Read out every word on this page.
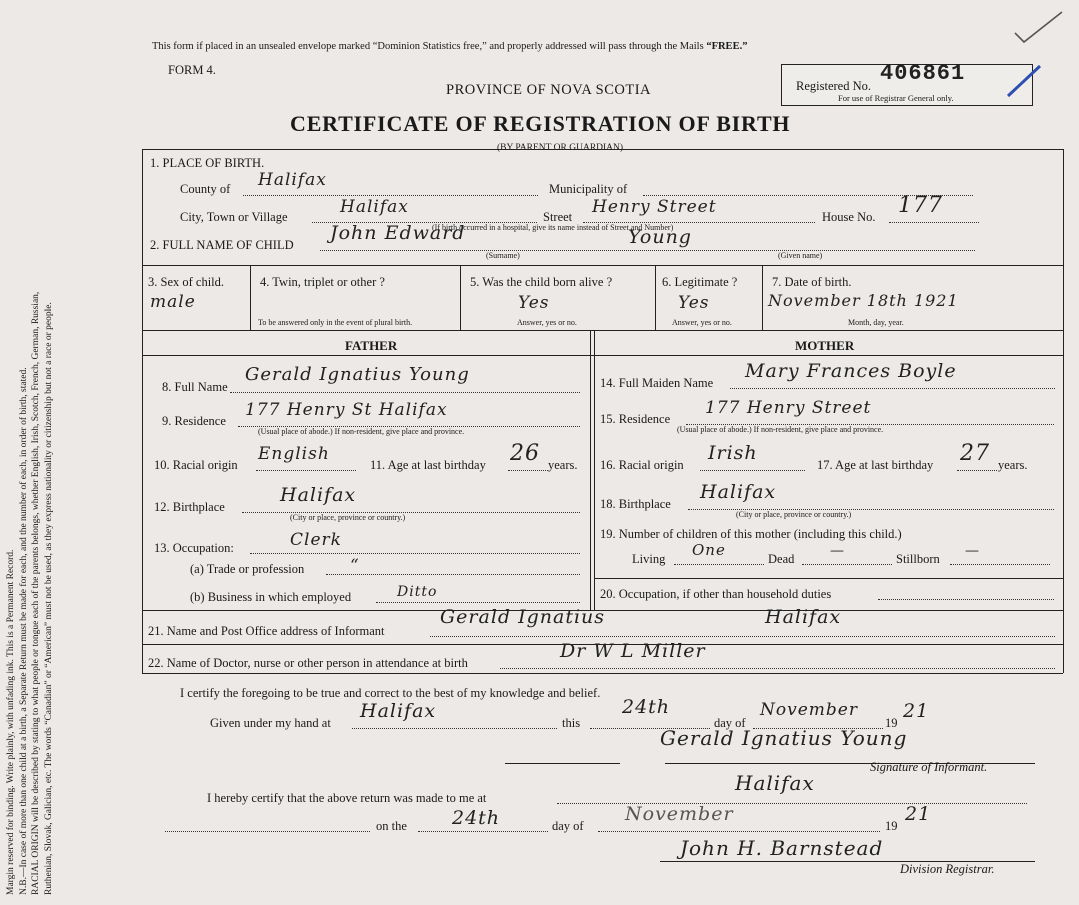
Margin reserved for binding. Write plainly, with unfading ink. This is a Permanent Record. N.B.—In case of more than one child at a birth, a Separate Return must be made for each, and the number of each, in order of birth, stated. RACIAL ORIGIN will be described by stating to what people or tongue each of the parents belongs, whether English, Irish, Scotch, French, German, Russian, Ruthenian, Slovak, Galician, etc. The words “Canadian” or “American” must not be used, as they express nationality or citizenship but not a race or people.
This form if placed in an unsealed envelope marked “Dominion Statistics free,” and properly addressed will pass through the Mails “FREE.”
FORM 4.
PROVINCE OF NOVA SCOTIA
CERTIFICATE OF REGISTRATION OF BIRTH
(BY PARENT OR GUARDIAN)
Registered No. 406861
For use of Registrar General only.
1. PLACE OF BIRTH.
County of Halifax	Municipality of
City, Town or Village	Halifax	Street Henry Street	House No. 177
(If birth occurred in a hospital, give its name instead of Street and Number)
2. FULL NAME OF CHILD
John Edward	Young
(Surname)	(Given name)
3. Sex of child.
male
4. Twin, triplet or other ?
To be answered only in the event of plural birth.
5. Was the child born alive ?
Yes
Answer, yes or no.
6. Legitimate ?
Yes
Answer, yes or no.
7. Date of birth.
November 18th 1921
Month, day, year.
FATHER	MOTHER
8. Full Name
Gerald Ignatius Young
9. Residence
177 Henry St Halifax
(Usual place of abode.) If non-resident, give place and province.
10. Racial origin
English
11. Age at last birthday 26 years.
12. Birthplace
Halifax
(City or place, province or country.)
13. Occupation:	Clerk
(a) Trade or profession	“
(b) Business in which employed	Ditto
14. Full Maiden Name
Mary Frances Boyle
15. Residence
177 Henry Street
(Usual place of abode.) If non-resident, give place and province.
16. Racial origin
Irish
17. Age at last birthday 27 years.
18. Birthplace
Halifax
(City or place, province or country.)
19. Number of children of this mother (including this child.)
Living One	Dead	—	Stillborn —
20. Occupation, if other than household duties
21. Name and Post Office address of Informant
Gerald Ignatius	Halifax
22. Name of Doctor, nurse or other person in attendance at birth
Dr W L Miller
I certify the foregoing to be true and correct to the best of my knowledge and belief.
Given under my hand at
Halifax
this
24th
day of
November
19
21
Gerald Ignatius Young
Signature of Informant.
I hereby certify that the above return was made to me at
Halifax
on the 24th	day of
November
19
21
John H. Barnstead
Division Registrar.
